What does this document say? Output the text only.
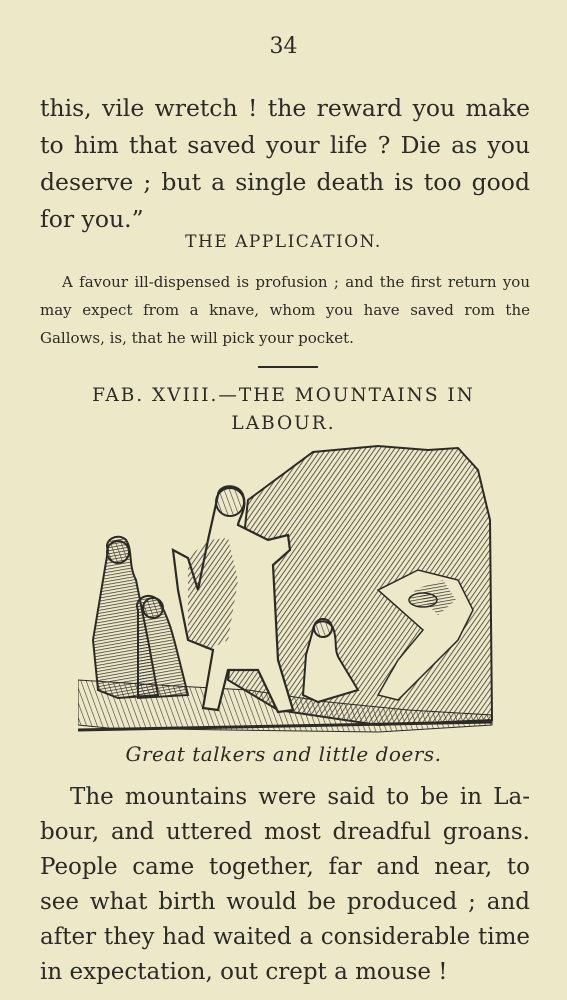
34
this, vile wretch ! the reward you make to him that saved your life ? Die as you deserve ; but a single death is too good for you.”
THE APPLICATION.
A favour ill-dispensed is profusion ; and the first return you may expect from a knave, whom you have saved rom the Gallows, is, that he will pick your pocket.
FAB. XVIII.—THE MOUNTAINS IN LABOUR.
Great talkers and little doers.
The mountains were said to be in La-bour, and uttered most dreadful groans. People came together, far and near, to see what birth would be produced ; and after they had waited a considerable time in expectation, out crept a mouse !
